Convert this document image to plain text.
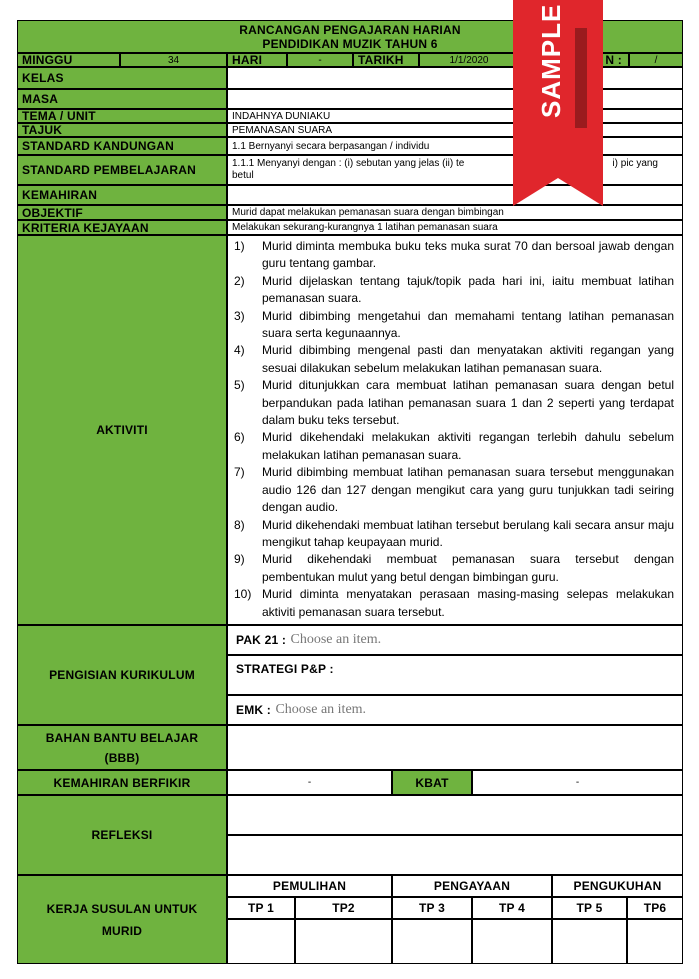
RANCANGAN PENGAJARAN HARIAN
PENDIDIKAN MUZIK TAHUN 6
MINGGU	34	HARI	-	TARIKH	1/1/2020	N :	/
KELAS
MASA
TEMA / UNIT	INDAHNYA DUNIAKU
TAJUK	PEMANASAN SUARA
STANDARD KANDUNGAN	1.1 Bernyanyi secara berpasangan / individu
STANDARD PEMBELAJARAN	1.1.1 Menyanyi dengan : (i) sebutan yang jelas (ii) te	i) pic yang
betul
KEMAHIRAN
OBJEKTIF	Murid dapat melakukan pemanasan suara dengan bimbingan
KRITERIA KEJAYAAN	Melakukan sekurang-kurangnya 1 latihan pemanasan suara
AKTIVITI
1)	Murid diminta membuka buku teks muka surat 70 dan bersoal jawab dengan guru tentang gambar.
2)	Murid dijelaskan tentang tajuk/topik pada hari ini, iaitu membuat latihan pemanasan suara.
3)	Murid dibimbing mengetahui dan memahami tentang latihan pemanasan suara serta kegunaannya.
4)	Murid dibimbing mengenal pasti dan menyatakan aktiviti regangan yang sesuai dilakukan sebelum melakukan latihan pemanasan suara.
5)	Murid ditunjukkan cara membuat latihan pemanasan suara dengan betul berpandukan pada latihan pemanasan suara 1 dan 2 seperti yang terdapat dalam buku teks tersebut.
6)	Murid dikehendaki melakukan aktiviti regangan terlebih dahulu sebelum melakukan latihan pemanasan suara.
7)	Murid dibimbing membuat latihan pemanasan suara tersebut menggunakan audio 126 dan 127 dengan mengikut cara yang guru tunjukkan tadi seiring dengan audio.
8)	Murid dikehendaki membuat latihan tersebut berulang kali secara ansur maju mengikut tahap keupayaan murid.
9)	Murid dikehendaki membuat pemanasan suara tersebut dengan pembentukan mulut yang betul dengan bimbingan guru.
10) Murid diminta menyatakan perasaan masing-masing selepas melakukan aktiviti pemanasan suara tersebut.
PENGISIAN KURIKULUM
PAK 21 :
Choose an item.
STRATEGI P&P :
EMK :
Choose an item.
BAHAN BANTU BELAJAR
(BBB)
KEMAHIRAN BERFIKIR	-	KBAT	-
REFLEKSI
KERJA SUSULAN UNTUK
MURID
PEMULIHAN	PENGAYAAN	PENGUKUHAN
TP 1	TP2	TP 3	TP 4	TP 5	TP6
SAMPLE
